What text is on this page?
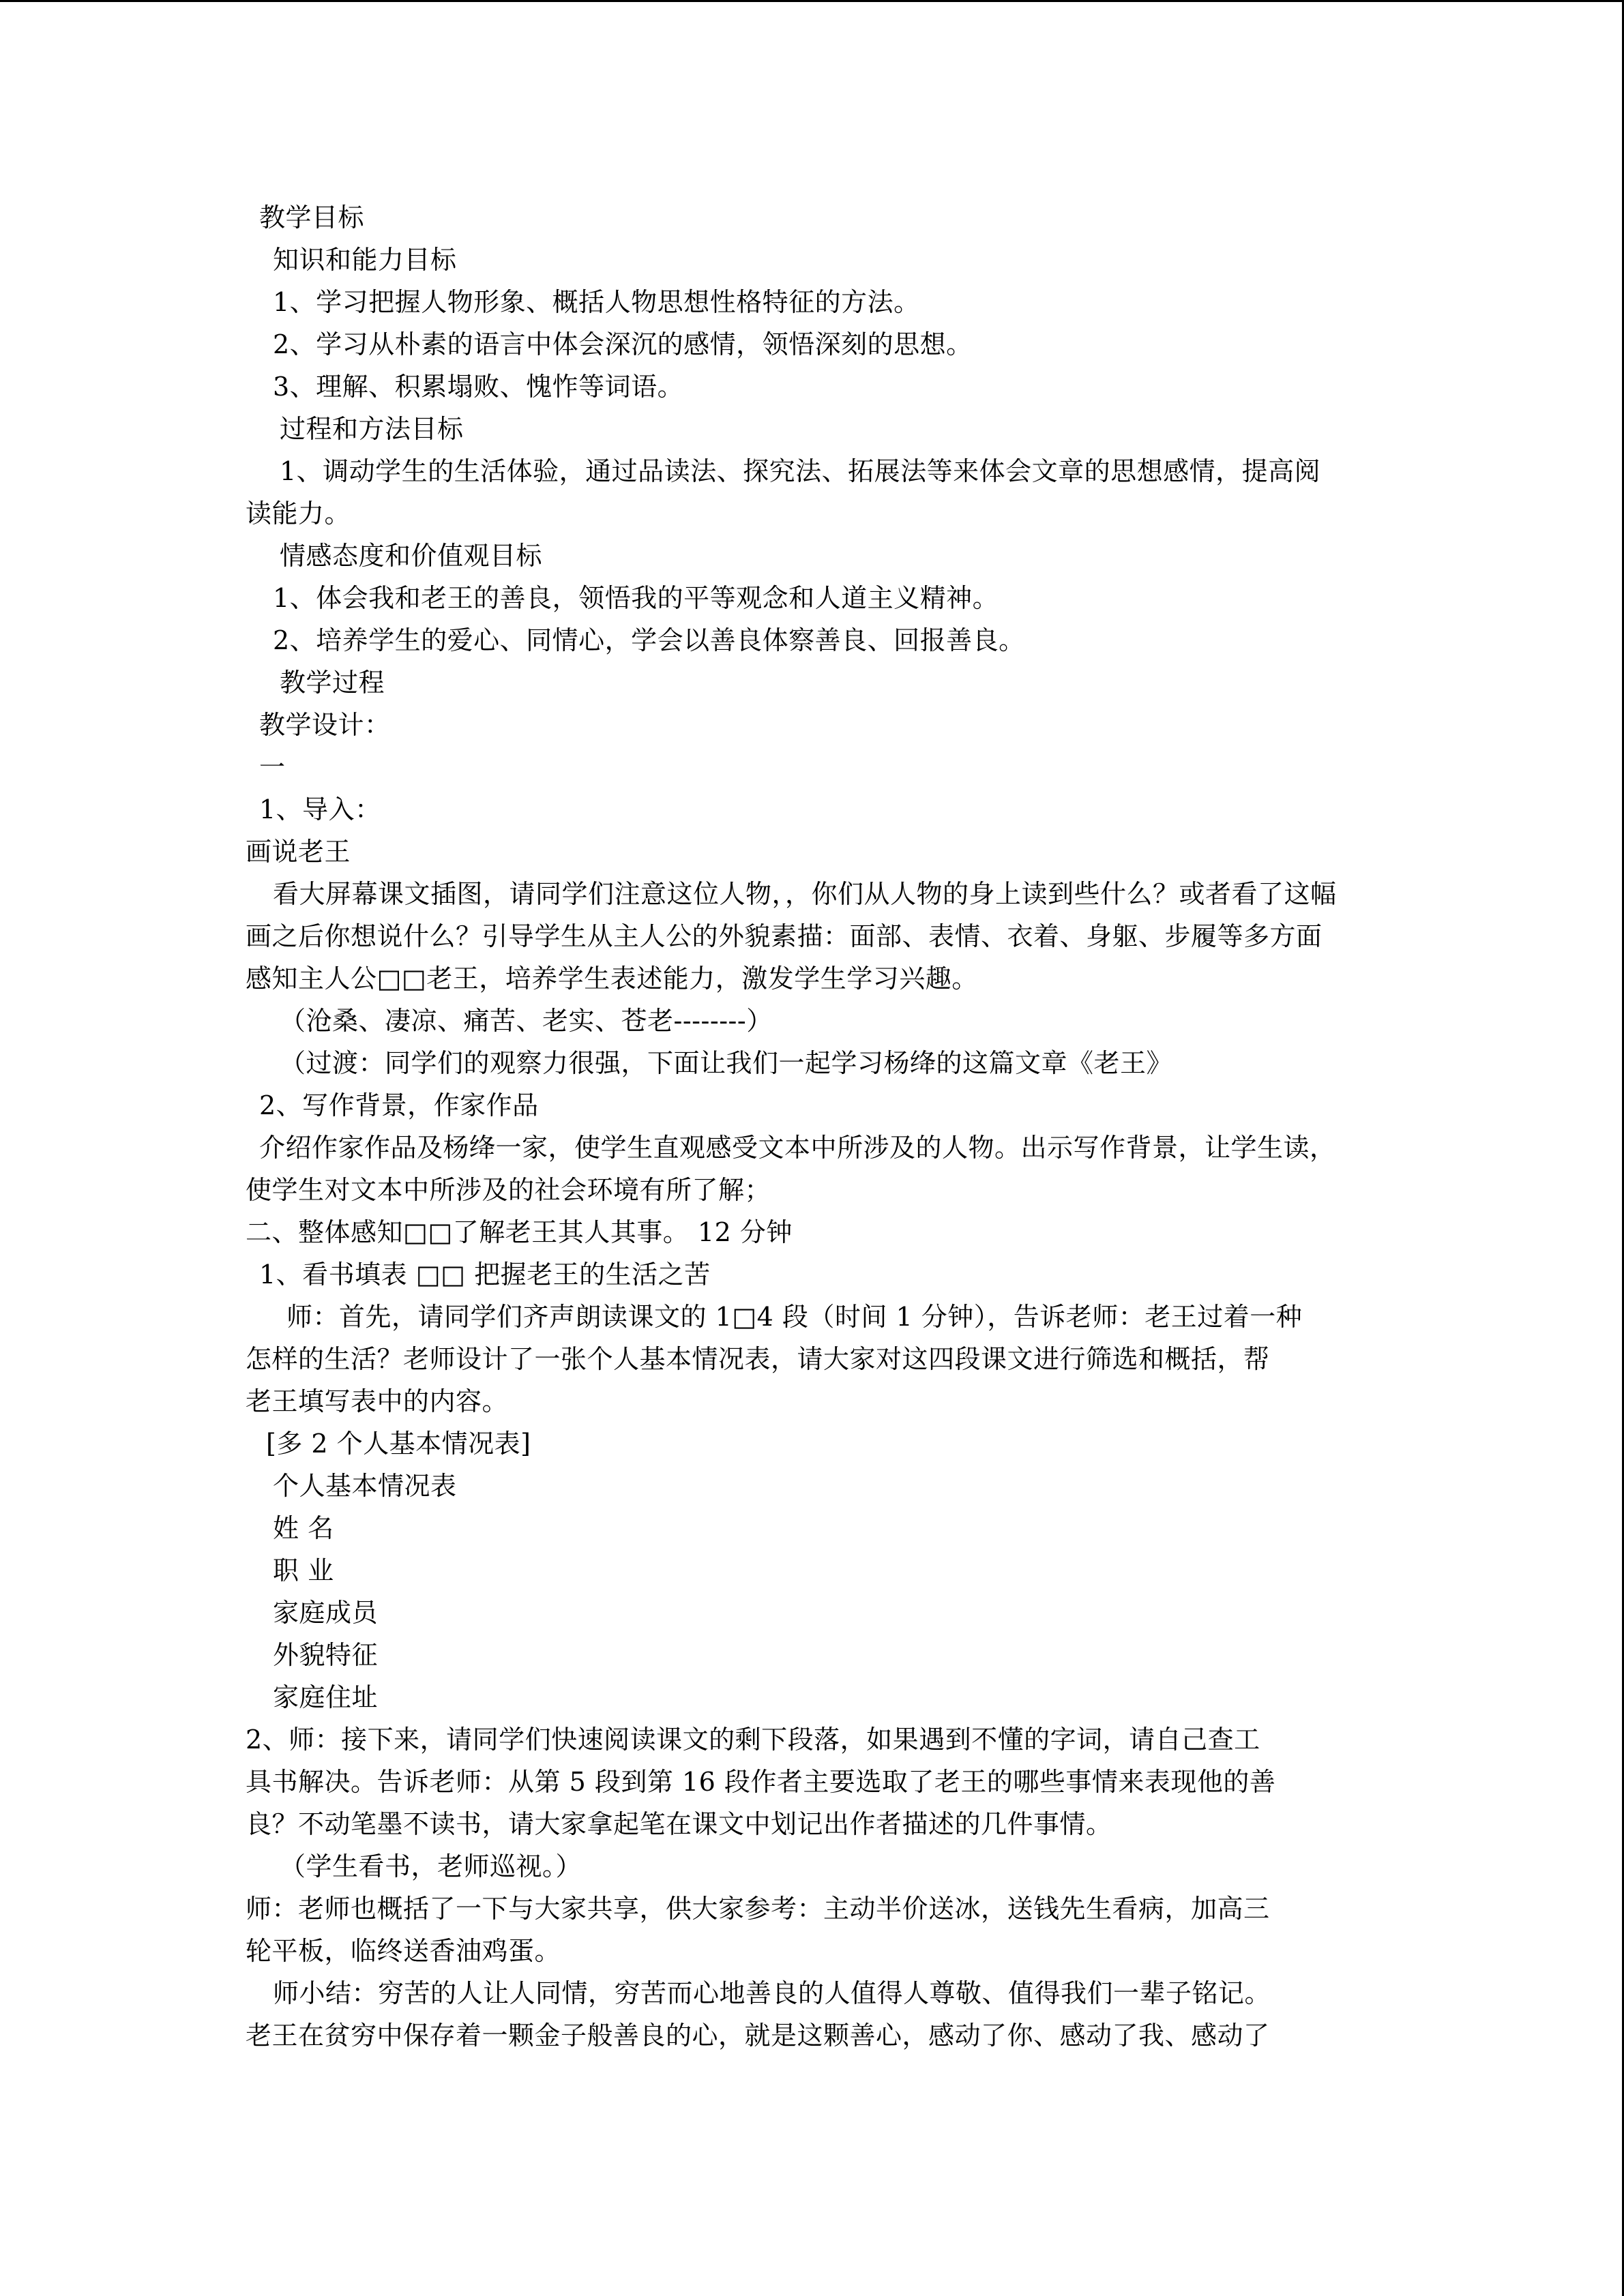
教学目标
知识和能力目标
1、学习把握人物形象、概括人物思想性格特征的方法。
2、学习从朴素的语言中体会深沉的感情，领悟深刻的思想。
3、理解、积累塌败、愧怍等词语。
过程和方法目标
1、调动学生的生活体验，通过品读法、探究法、拓展法等来体会文章的思想感情，提高阅
读能力。
情感态度和价值观目标
1、体会我和老王的善良，领悟我的平等观念和人道主义精神。
2、培养学生的爱心、同情心，学会以善良体察善良、回报善良。
教学过程
教学设计：
一
1、导入：
画说老王
看大屏幕课文插图，请同学们注意这位人物，，你们从人物的身上读到些什么？或者看了这幅
画之后你想说什么？引导学生从主人公的外貌素描：面部、表情、衣着、身躯、步履等多方面
感知主人公□□老王，培养学生表述能力，激发学生学习兴趣。
（沧桑、凄凉、痛苦、老实、苍老--------）
（过渡：同学们的观察力很强，下面让我们一起学习杨绛的这篇文章《老王》
2、写作背景，作家作品
介绍作家作品及杨绛一家，使学生直观感受文本中所涉及的人物。出示写作背景，让学生读，
使学生对文本中所涉及的社会环境有所了解；
二、整体感知□□了解老王其人其事。 12 分钟
1、看书填表 □□ 把握老王的生活之苦
师：首先，请同学们齐声朗读课文的 1□4 段（时间 1 分钟），告诉老师：老王过着一种
怎样的生活？老师设计了一张个人基本情况表，请大家对这四段课文进行筛选和概括，帮
老王填写表中的内容。
[多 2 个人基本情况表]
个人基本情况表
姓 名
职 业
家庭成员
外貌特征
家庭住址
2、师：接下来，请同学们快速阅读课文的剩下段落，如果遇到不懂的字词，请自己查工
具书解决。告诉老师：从第 5 段到第 16 段作者主要选取了老王的哪些事情来表现他的善
良？不动笔墨不读书，请大家拿起笔在课文中划记出作者描述的几件事情。
（学生看书，老师巡视。）
师：老师也概括了一下与大家共享，供大家参考：主动半价送冰，送钱先生看病，加高三
轮平板，临终送香油鸡蛋。
师小结：穷苦的人让人同情，穷苦而心地善良的人值得人尊敬、值得我们一辈子铭记。
老王在贫穷中保存着一颗金子般善良的心，就是这颗善心，感动了你、感动了我、感动了
